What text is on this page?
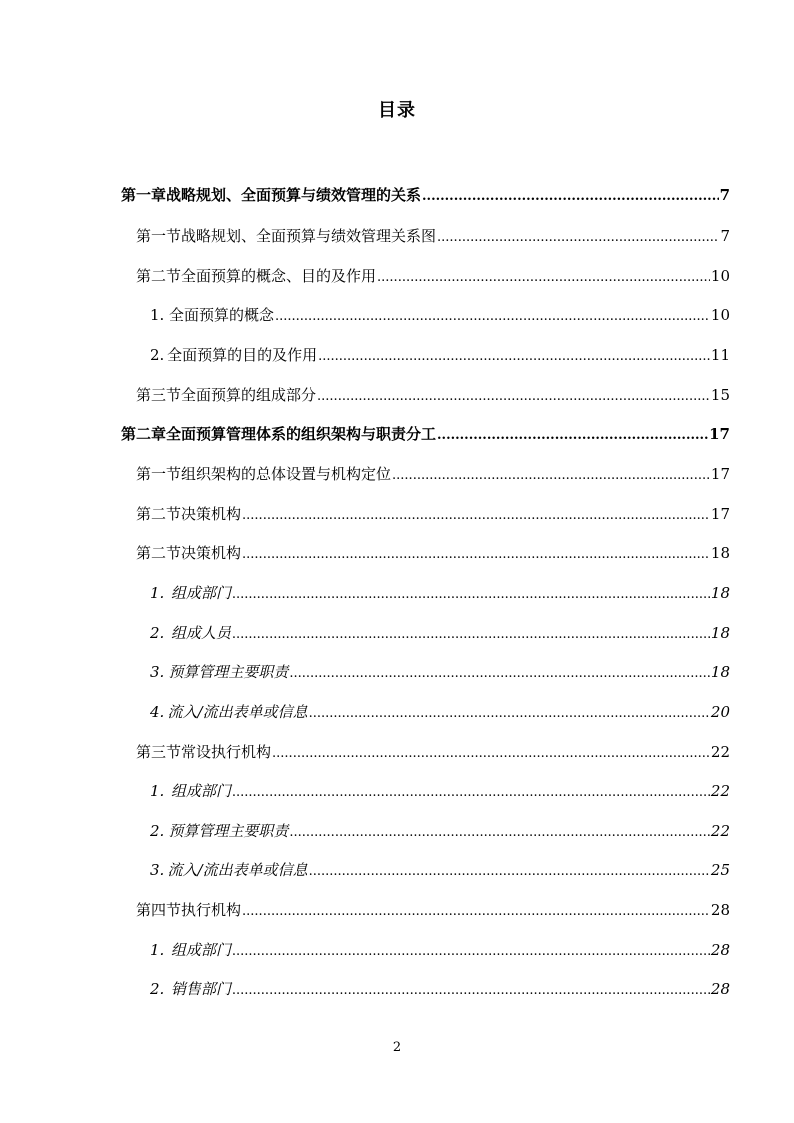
目录
第一章 战略规划、全面预算与绩效管理的关系 .....	7
第一节 战略规划、全面预算与绩效管理关系图 .....	7
第二节 全面预算的概念、目的及作用 .....	10
1. 全面预算的概念 .....	10
2. 全面预算的目的及作用 .....	11
第三节 全面预算的组成部分 .....	15
第二章 全面预算管理体系的组织架构与职责分工 .....	17
第一节 组织架构的总体设置与机构定位 .....	17
第二节 决策机构 .....	17
第二节 决策机构 .....	18
1. 组成部门 .....	18
2. 组成人员 .....	18
3. 预算管理主要职责 .....	18
4. 流入/流出表单或信息 .....	20
第三节 常设执行机构 .....	22
1. 组成部门 .....	22
2. 预算管理主要职责 .....	22
3. 流入/流出表单或信息 .....	25
第四节 执行机构 .....	28
1. 组成部门 .....	28
2. 销售部门 .....	28
2
